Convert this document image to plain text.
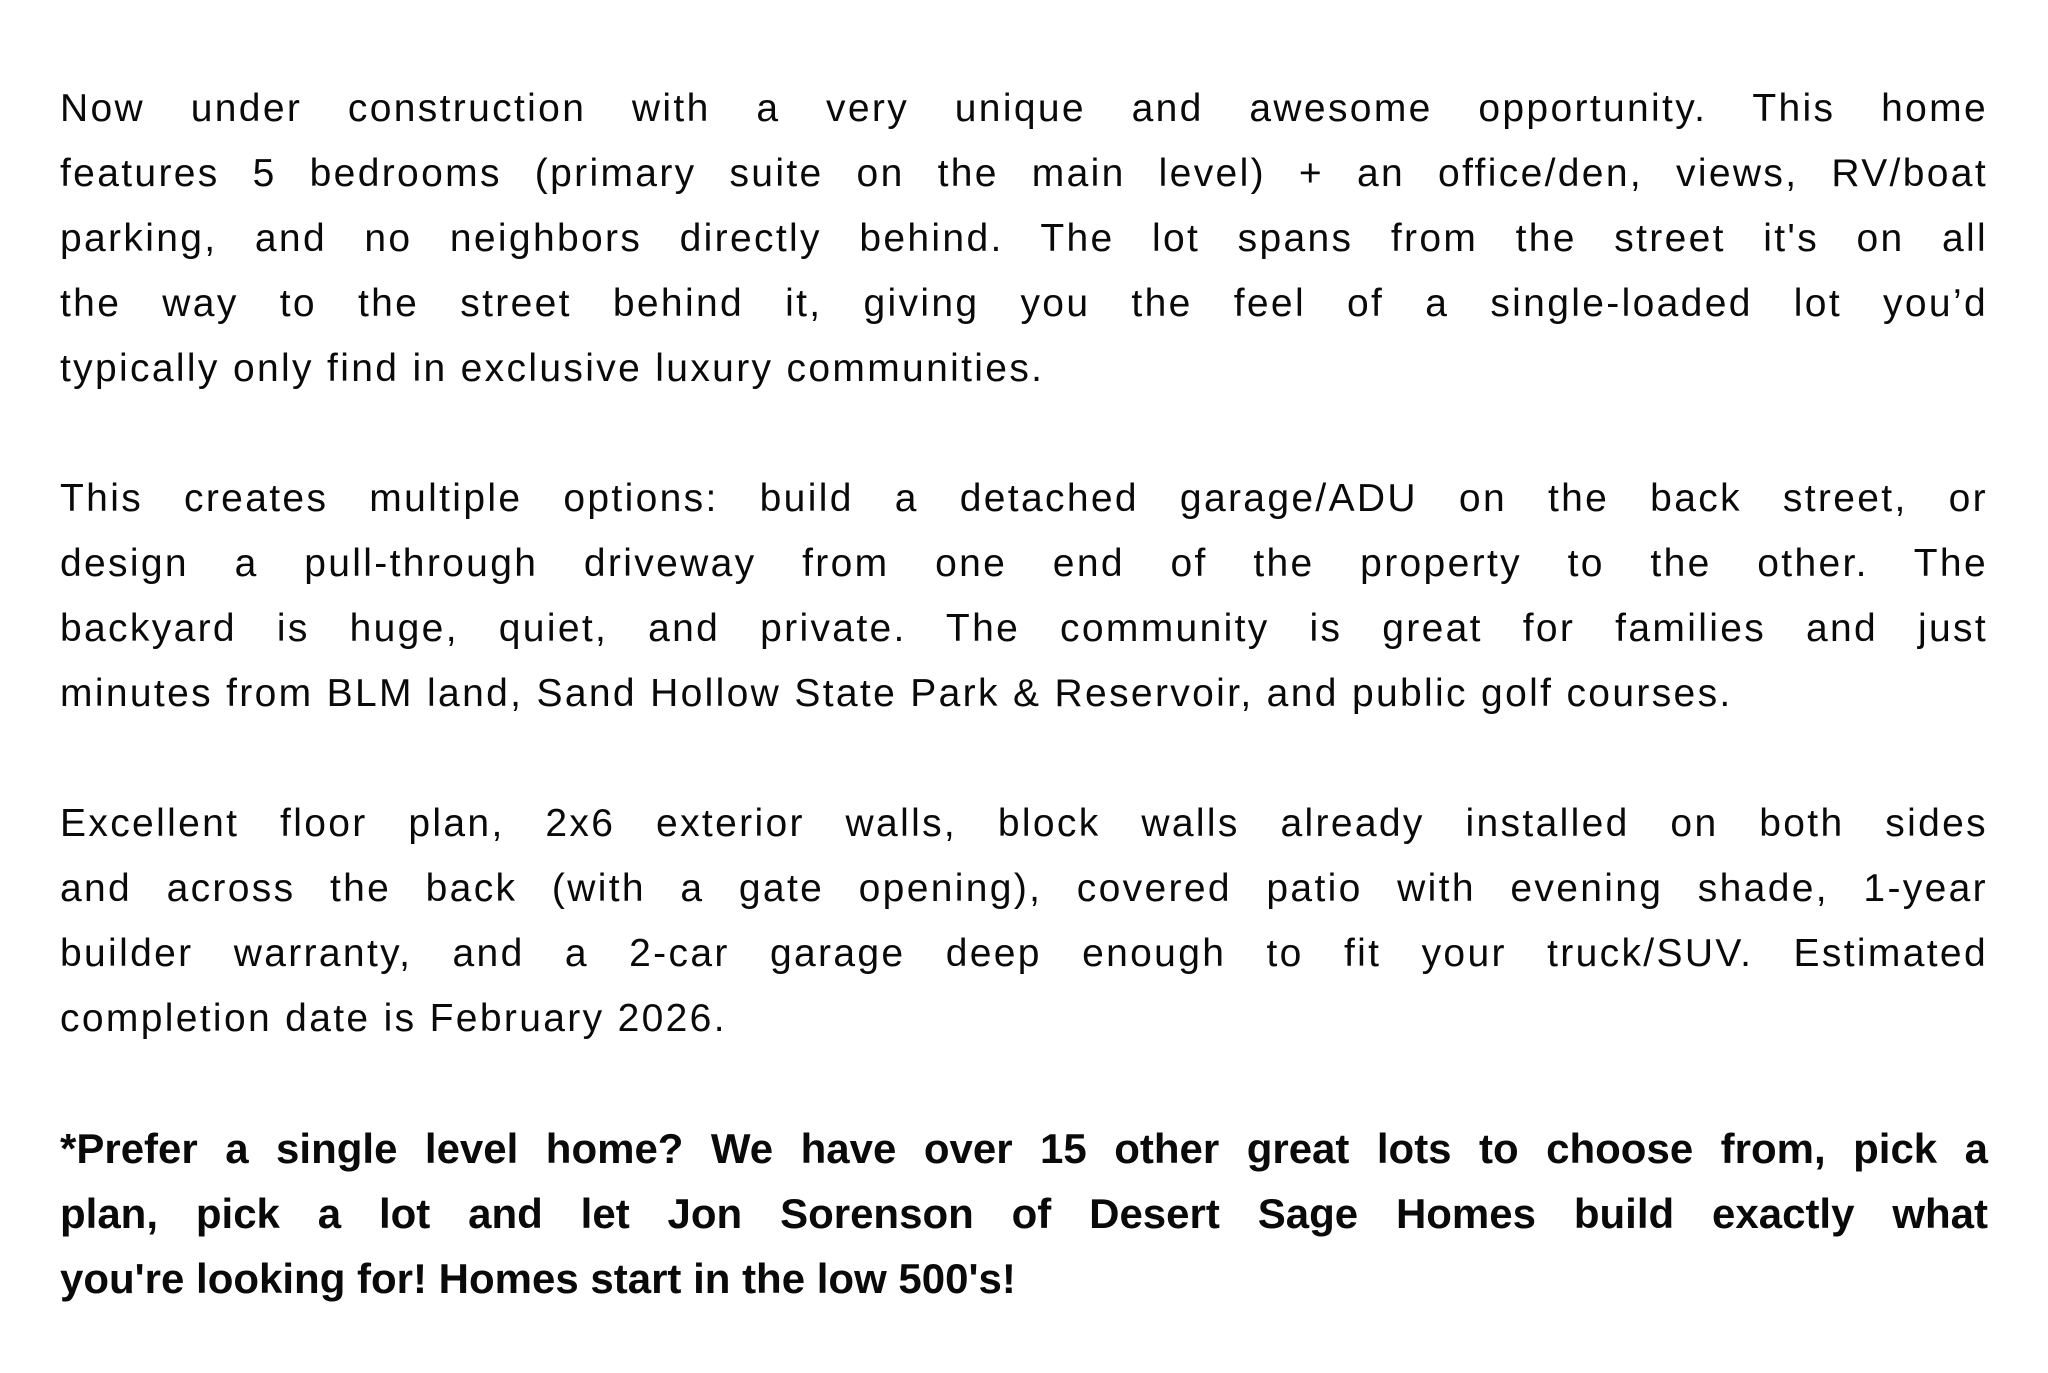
Now under construction with a very unique and awesome opportunity. This home
features 5 bedrooms (primary suite on the main level) + an office/den, views, RV/boat
parking, and no neighbors directly behind. The lot spans from the street it's on all
the way to the street behind it, giving you the feel of a single-loaded lot you’d
typically only find in exclusive luxury communities.

This creates multiple options: build a detached garage/ADU on the back street, or
design a pull-through driveway from one end of the property to the other. The
backyard is huge, quiet, and private. The community is great for families and just
minutes from BLM land, Sand Hollow State Park & Reservoir, and public golf courses.

Excellent floor plan, 2x6 exterior walls, block walls already installed on both sides
and across the back (with a gate opening), covered patio with evening shade, 1-year
builder warranty, and a 2-car garage deep enough to fit your truck/SUV. Estimated
completion date is February 2026.

*Prefer a single level home? We have over 15 other great lots to choose from, pick a
plan, pick a lot and let Jon Sorenson of Desert Sage Homes build exactly what
you're looking for! Homes start in the low 500's!
